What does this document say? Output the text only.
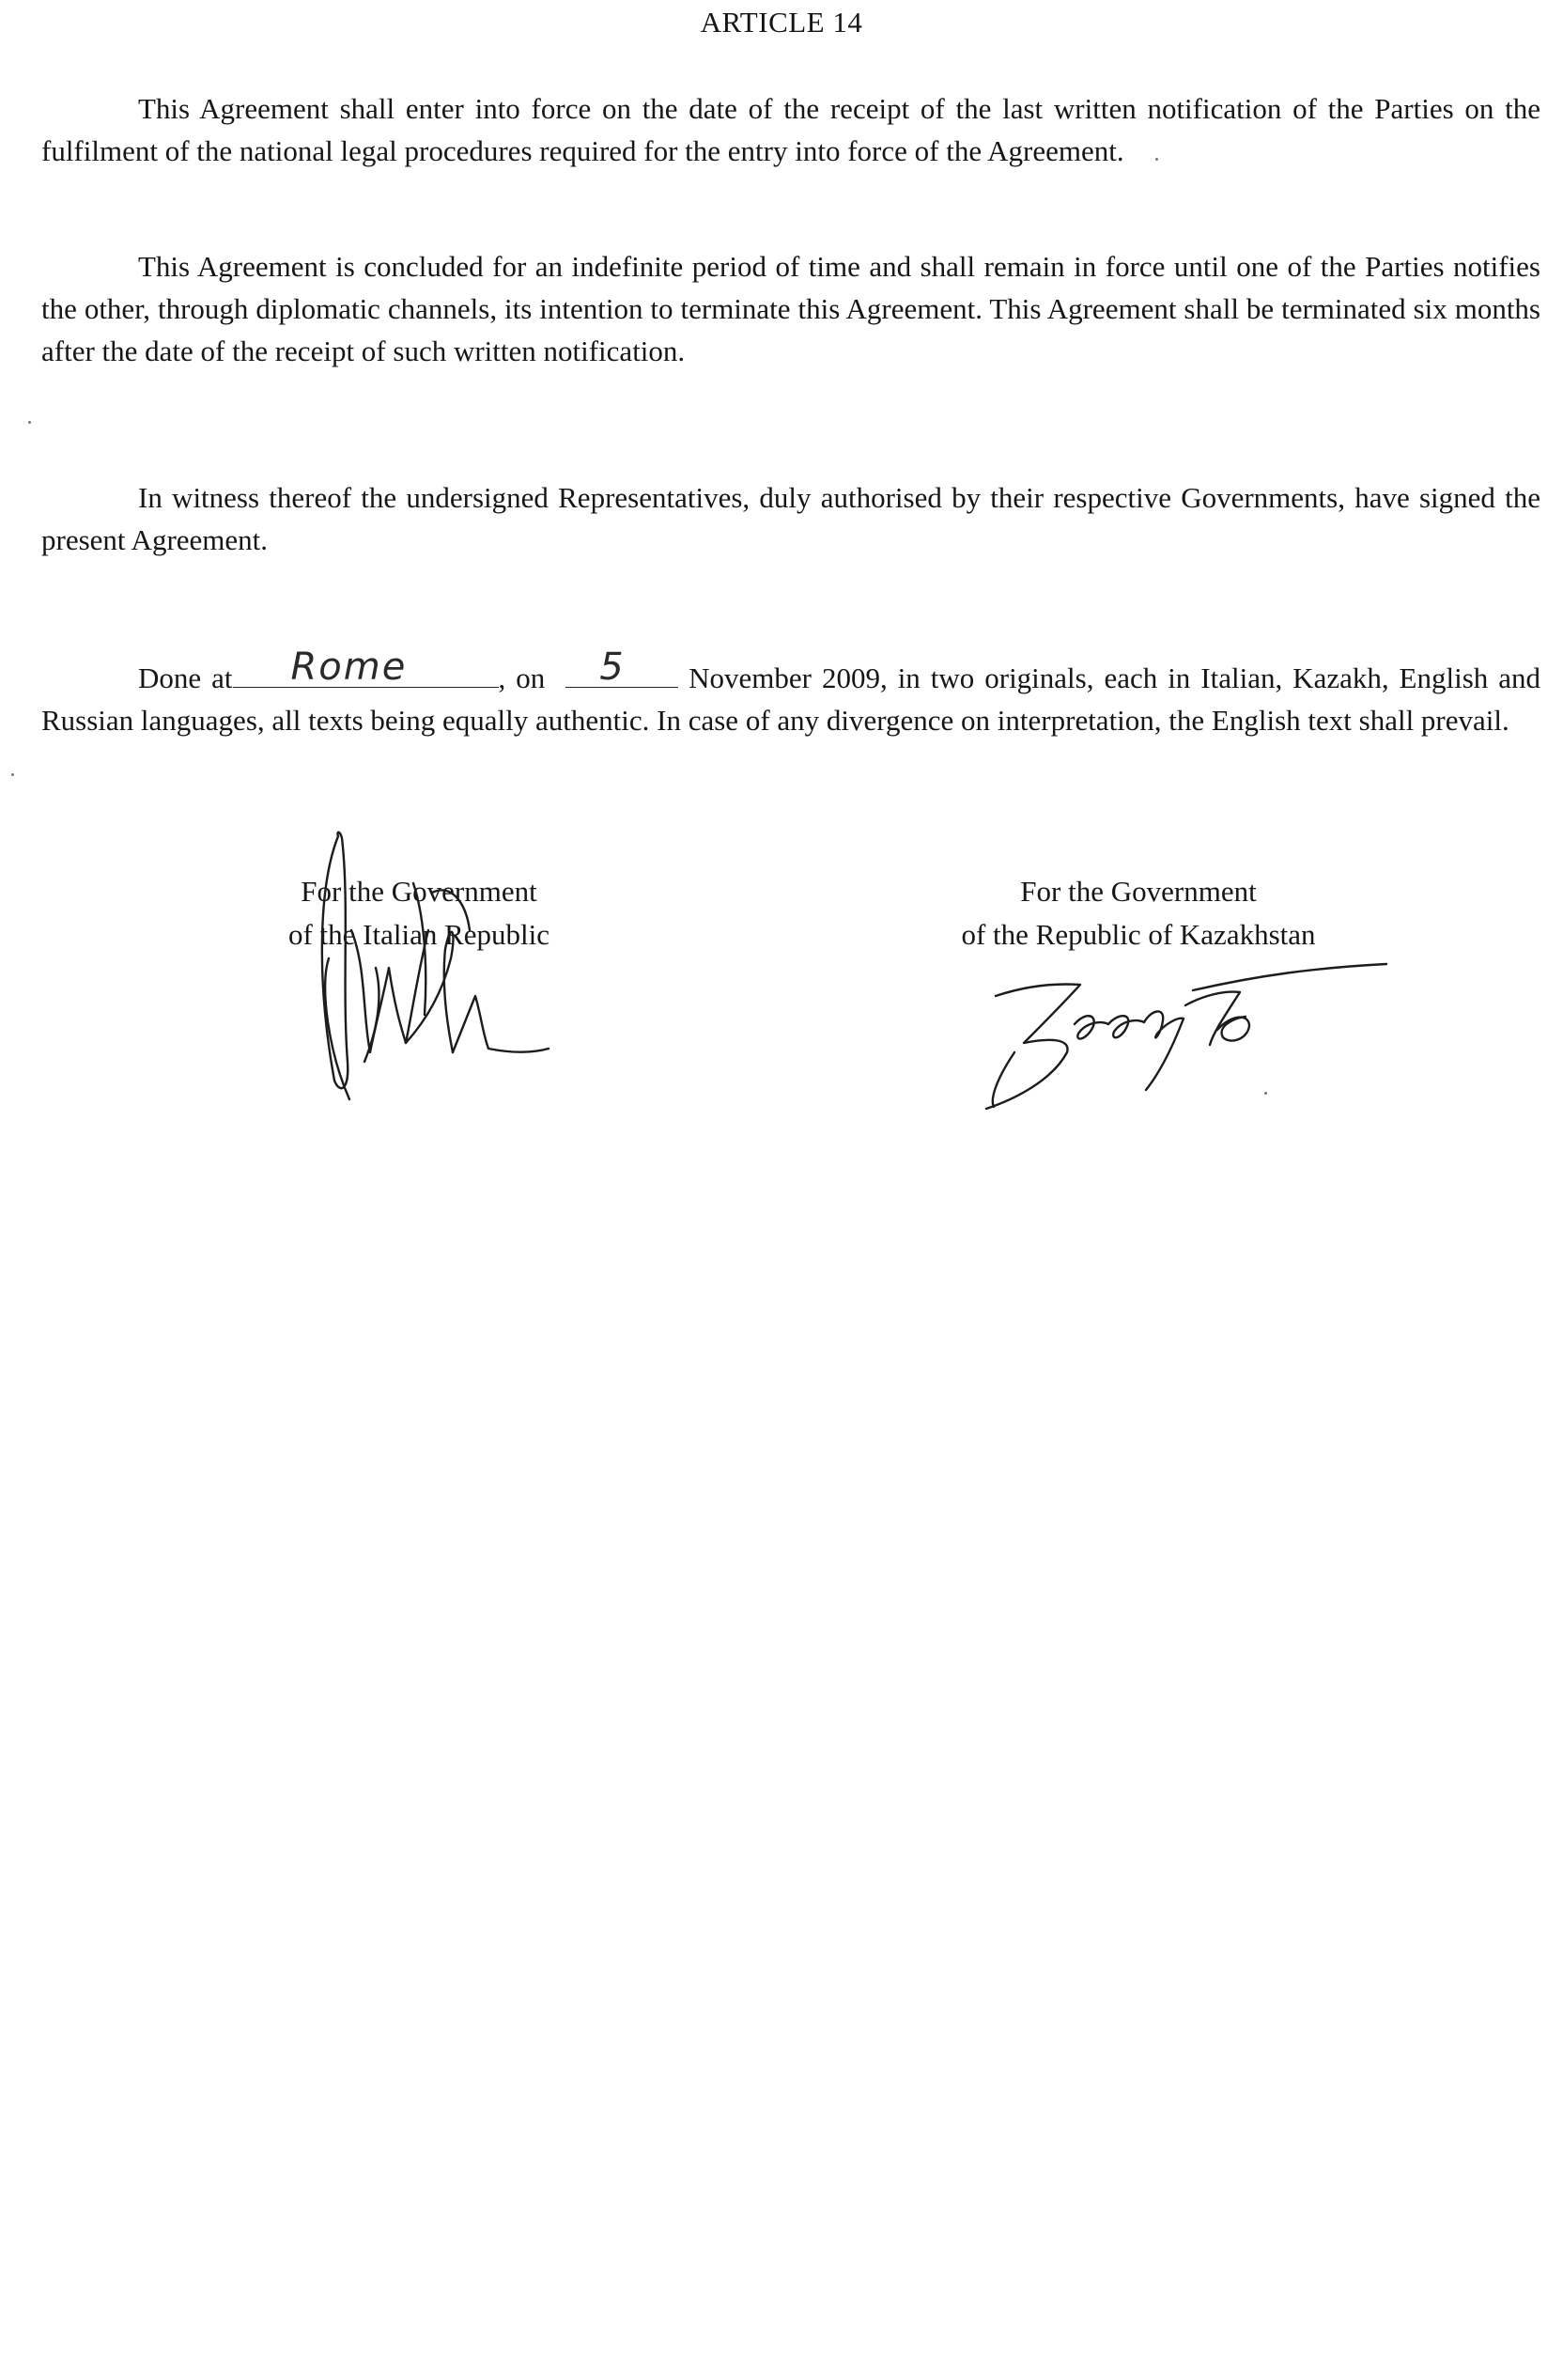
ARTICLE 14

This Agreement shall enter into force on the date of the receipt of the last written notification of the Parties on the fulfilment of the national legal procedures required for the entry into force of the Agreement.

This Agreement is concluded for an indefinite period of time and shall remain in force until one of the Parties notifies the other, through diplomatic channels, its intention to terminate this Agreement. This Agreement shall be terminated six months after the date of the receipt of such written notification.

In witness thereof the undersigned Representatives, duly authorised by their respective Governments, have signed the present Agreement.

Done at Rome	, on 5 November 2009, in two originals, each in Italian, Kazakh, English and Russian languages, all texts being equally authentic. In case of any divergence on interpretation, the English text shall prevail.

For the Government
of the Italian Republic
For the Government
of the Republic of Kazakhstan
